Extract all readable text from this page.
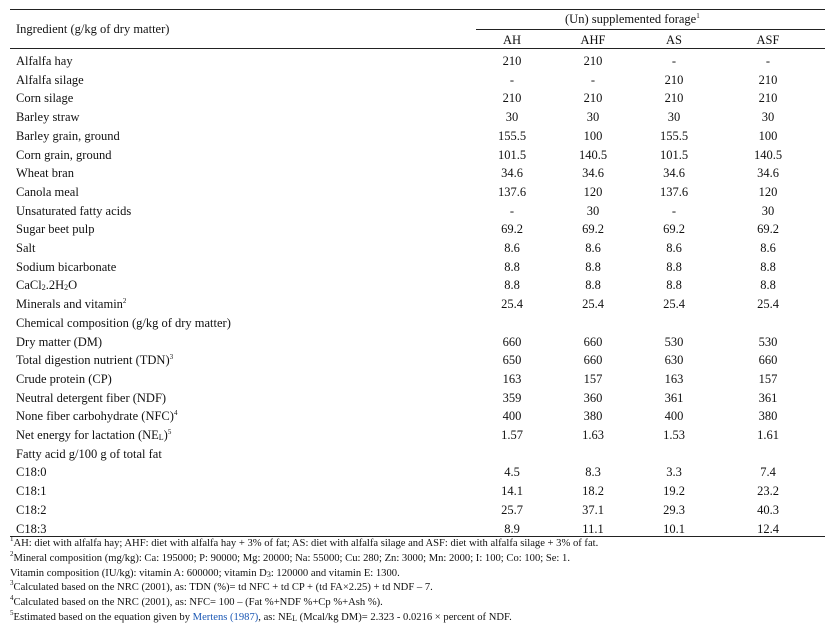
Ingredient (g/kg of dry matter)
(Un) supplemented forage$^1$
AH	AHF	AS	ASF
Alfalfa hay	210	210	-	-
Alfalfa silage	-	-	210	210
Corn silage	210	210	210	210
Barley straw	30	30	30	30
Barley grain, ground	155.5	100	155.5	100
Corn grain, ground	101.5	140.5	101.5	140.5
Wheat bran	34.6	34.6	34.6	34.6
Canola meal	137.6	120	137.6	120
Unsaturated fatty acids	-	30	-	30
Sugar beet pulp	69.2	69.2	69.2	69.2
Salt	8.6	8.6	8.6	8.6
Sodium bicarbonate	8.8	8.8	8.8	8.8
$CaCl_2.2H_2O$	8.8	8.8	8.8	8.8
Minerals and vitamin$^2$	25.4	25.4	25.4	25.4
Chemical composition (g/kg of dry matter)
Dry matter (DM)	660	660	530	530
Total digestion nutrient (TDN)$^3$	650	660	630	660
Crude protein (CP)	163	157	163	157
Neutral detergent fiber (NDF)	359	360	361	361
None fiber carbohydrate (NFC)$^4$	400	380	400	380
Net energy for lactation $(NE_L)^5$	1.57	1.63	1.53	1.61
Fatty acid g/100 g of total fat
C18:0	4.5	8.3	3.3	7.4
C18:1	14.1	18.2	19.2	23.2
C18:2	25.7	37.1	29.3	40.3
C18:3	8.9	11.1	10.1	12.4
$^1$AH: diet with alfalfa hay; AHF: diet with alfalfa hay + 3% of fat; AS: diet with alfalfa silage and ASF: diet with alfalfa silage + 3% of fat.
$^2$Mineral composition (mg/kg): Ca: 195000; P: 90000; Mg: 20000; Na: 55000; Cu: 280; Zn: 3000; Mn: 2000; I: 100; Co: 100; Se: 1.
Vitamin composition (IU/kg): vitamin A: 600000; vitamin $D_3$: 120000 and vitamin E: 1300.
$^3$Calculated based on the NRC (2001), as: TDN (%)= td NFC + td CP + (td FA×2.25) + td NDF – 7.
$^4$Calculated based on the NRC (2001), as: NFC= 100 – (Fat %+NDF %+Cp %+Ash %).
$^5$Estimated based on the equation given by Mertens (1987), as: $NE_L$ (Mcal/kg DM)= 2.323 - 0.0216 × percent of NDF.
